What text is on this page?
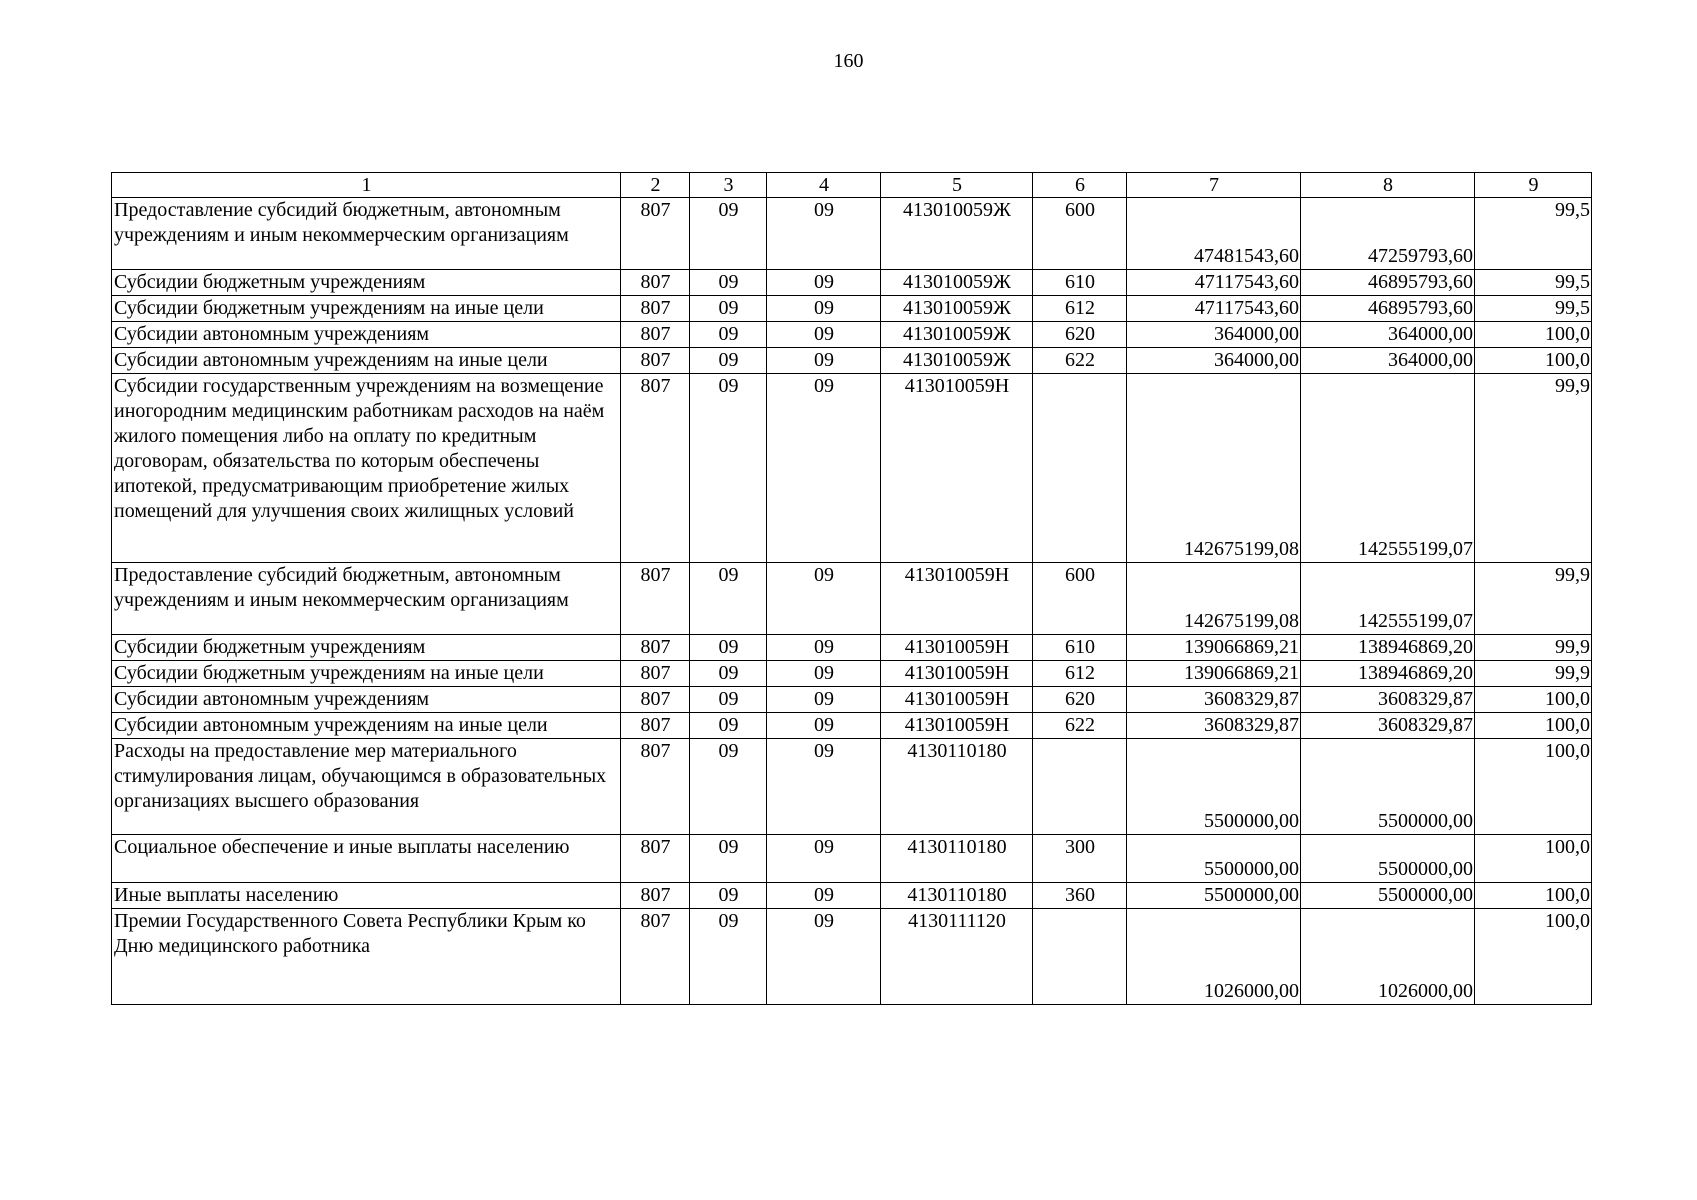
160
1	2	3	4	5	6	7	8	9
Предоставление субсидий бюджетным, автономным учреждениям и иным некоммерческим организациям	807	09	09	413010059Ж	600	47481543,60	47259793,60	99,5
Субсидии бюджетным учреждениям	807	09	09	413010059Ж	610	47117543,60	46895793,60	99,5
Субсидии бюджетным учреждениям на иные цели	807	09	09	413010059Ж	612	47117543,60	46895793,60	99,5
Субсидии автономным учреждениям	807	09	09	413010059Ж	620	364000,00	364000,00	100,0
Субсидии автономным учреждениям на иные цели	807	09	09	413010059Ж	622	364000,00	364000,00	100,0
Субсидии государственным учреждениям на возмещение иногородним медицинским работникам расходов на наём жилого помещения либо на оплату по кредитным договорам, обязательства по которым обеспечены ипотекой, предусматривающим приобретение жилых помещений для улучшения своих жилищных условий	807	09	09	413010059Н		142675199,08	142555199,07	99,9
Предоставление субсидий бюджетным, автономным учреждениям и иным некоммерческим организациям	807	09	09	413010059Н	600	142675199,08	142555199,07	99,9
Субсидии бюджетным учреждениям	807	09	09	413010059Н	610	139066869,21	138946869,20	99,9
Субсидии бюджетным учреждениям на иные цели	807	09	09	413010059Н	612	139066869,21	138946869,20	99,9
Субсидии автономным учреждениям	807	09	09	413010059Н	620	3608329,87	3608329,87	100,0
Субсидии автономным учреждениям на иные цели	807	09	09	413010059Н	622	3608329,87	3608329,87	100,0
Расходы на предоставление мер материального стимулирования лицам, обучающимся в образовательных организациях высшего образования	807	09	09	4130110180		5500000,00	5500000,00	100,0
Социальное обеспечение и иные выплаты населению	807	09	09	4130110180	300	5500000,00	5500000,00	100,0
Иные выплаты населению	807	09	09	4130110180	360	5500000,00	5500000,00	100,0
Премии Государственного Совета Республики Крым ко Дню медицинского работника	807	09	09	4130111120		1026000,00	1026000,00	100,0
